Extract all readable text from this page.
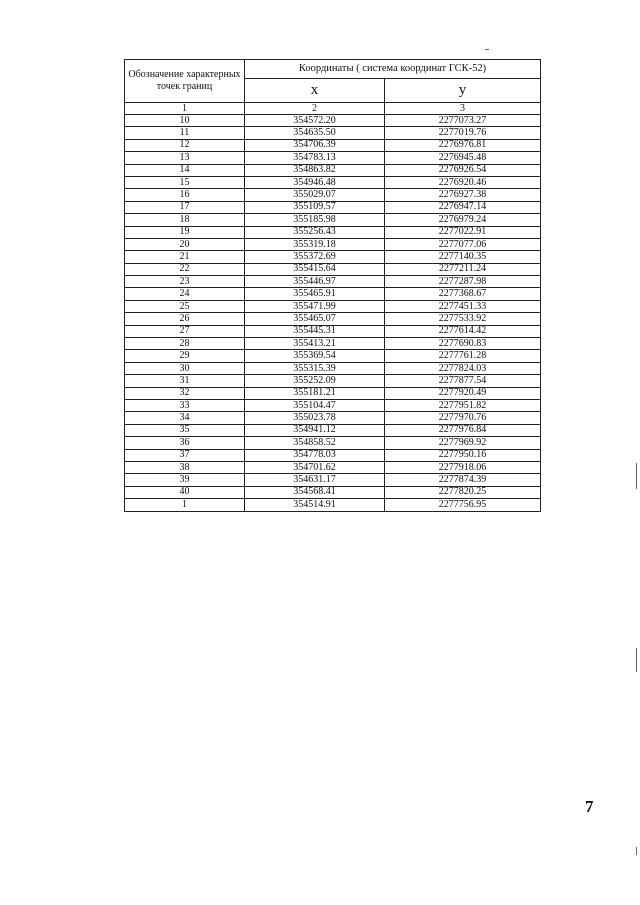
Обозначение характерных точек границ	Координаты ( система координат ГСК-52)	
	x	y
1	2	3
10	354572.20	2277073.27
11	354635.50	2277019.76
12	354706.39	2276976.81
13	354783.13	2276945.48
14	354863.82	2276926.54
15	354946.48	2276920.46
16	355029.07	2276927.38
17	355109.57	2276947.14
18	355185.98	2276979.24
19	355256.43	2277022.91
20	355319.18	2277077.06
21	355372.69	2277140.35
22	355415.64	2277211.24
23	355446.97	2277287.98
24	355465.91	2277368.67
25	355471.99	2277451.33
26	355465.07	2277533.92
27	355445.31	2277614.42
28	355413.21	2277690.83
29	355369.54	2277761.28
30	355315.39	2277824.03
31	355252.09	2277877.54
32	355181.21	2277920.49
33	355104.47	2277951.82
34	355023.78	2277970.76
35	354941.12	2277976.84
36	354858.52	2277969.92
37	354778.03	2277950.16
38	354701.62	2277918.06
39	354631.17	2277874.39
40	354568.41	2277820.25
1	354514.91	2277756.95
7
